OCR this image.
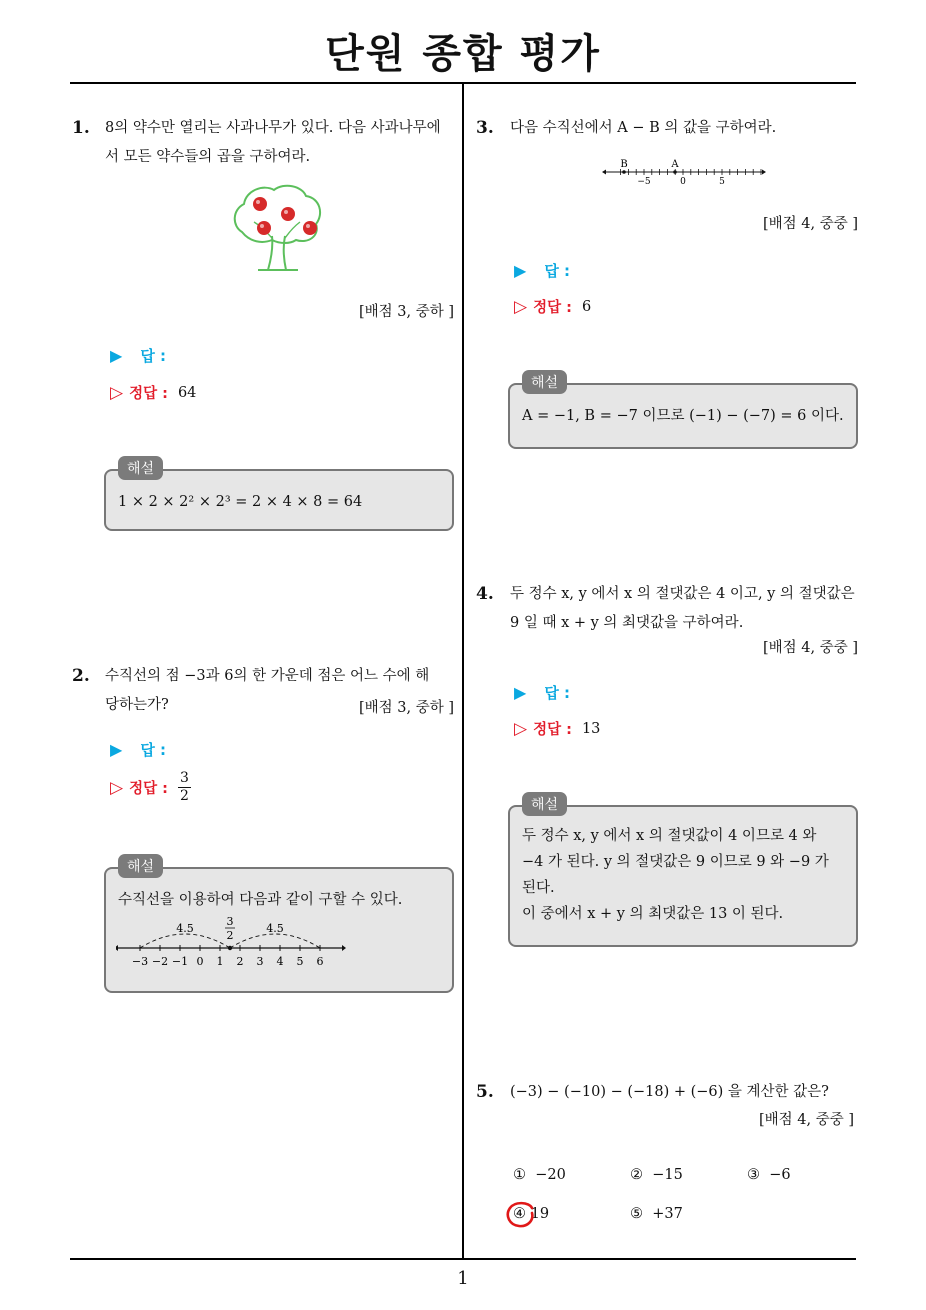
단원 종합 평가
1
1. 8의 약수만 열리는 사과나무가 있다. 다음 사과나무에
서 모든 약수들의 곱을 구하여라.
[배점 3, 중하 ]
▶ 답 :
▷ 정답 : 64
1 × 2 × 2² × 2³ = 2 × 4 × 8 = 64
해설
2. 수직선의 점 −3과 6의 한 가운데 점은 어느 수에 해
당하는가?	[배점 3, 중하 ]
▶ 답 :
▷ 정답 : $\frac{3}{2}$
수직선을 이용하여 다음과 같이 구할 수 있다.
−3 −2 −1 0 1 2 3 4 5 6
4.5	4.5
3
2
해설
3. 다음 수직선에서 A − B 의 값을 구하여라.
B	A
−5	0	5
[배점 4, 중중 ]
▶ 답 :
▷ 정답 : 6
A = −1, B = −7 이므로 (−1) − (−7) = 6 이다.
해설
4. 두 정수 x, y 에서 x 의 절댓값은 4 이고, y 의 절댓값은
9 일 때 x + y 의 최댓값을 구하여라.
[배점 4, 중중 ]
▶ 답 :
▷ 정답 : 13
두 정수 x, y 에서 x 의 절댓값이 4 이므로 4 와
−4 가 된다. y 의 절댓값은 9 이므로 9 와 −9 가
된다.
이 중에서 x + y 의 최댓값은 13 이 된다.
해설
5. (−3) − (−10) − (−18) + (−6) 을 계산한 값은?
[배점 4, 중중 ]
① −20	② −15	③ −6
④ 19	⑤ +37
